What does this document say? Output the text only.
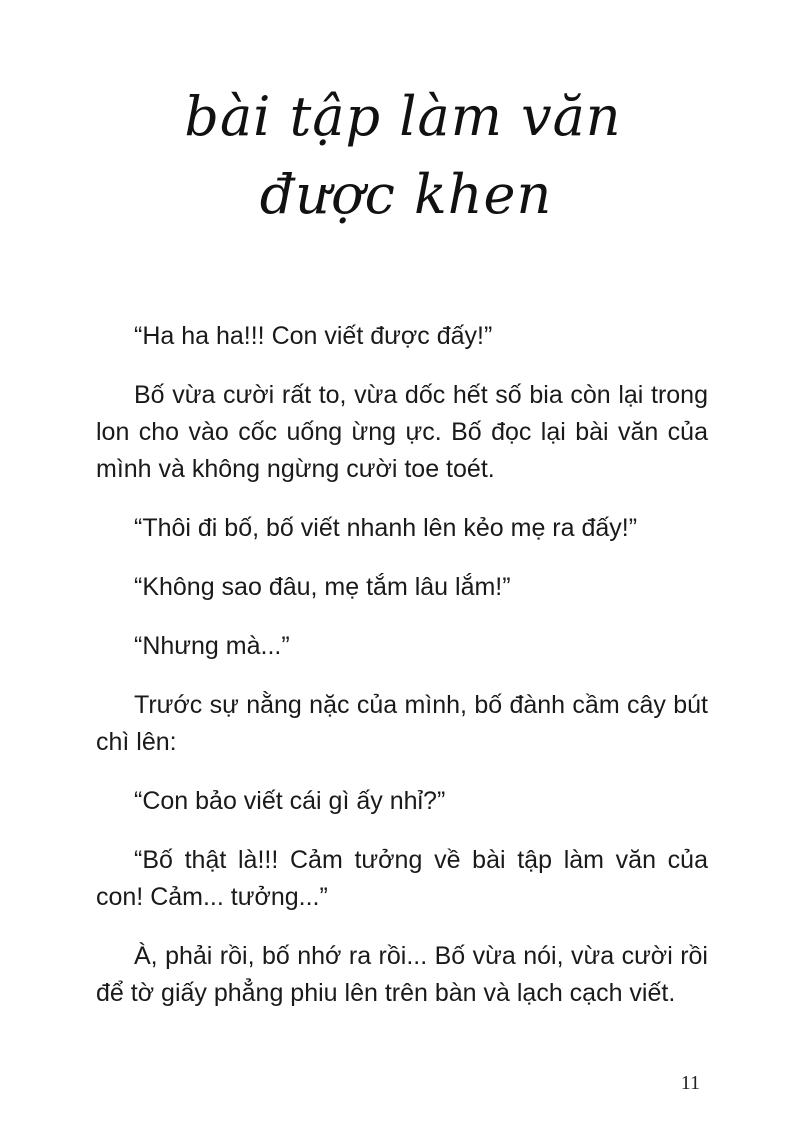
bài tập làm văn
được khen

“Ha ha ha!!! Con viết được đấy!”

Bố vừa cười rất to, vừa dốc hết số bia còn lại trong lon cho vào cốc uống ừng ực. Bố đọc lại bài văn của mình và không ngừng cười toe toét.

“Thôi đi bố, bố viết nhanh lên kẻo mẹ ra đấy!”

“Không sao đâu, mẹ tắm lâu lắm!”

“Nhưng mà...”

Trước sự nằng nặc của mình, bố đành cầm cây bút chì lên:

“Con bảo viết cái gì ấy nhỉ?”

“Bố thật là!!! Cảm tưởng về bài tập làm văn của con! Cảm... tưởng...”

À, phải rồi, bố nhớ ra rồi... Bố vừa nói, vừa cười rồi để tờ giấy phẳng phiu lên trên bàn và lạch cạch viết.

11
